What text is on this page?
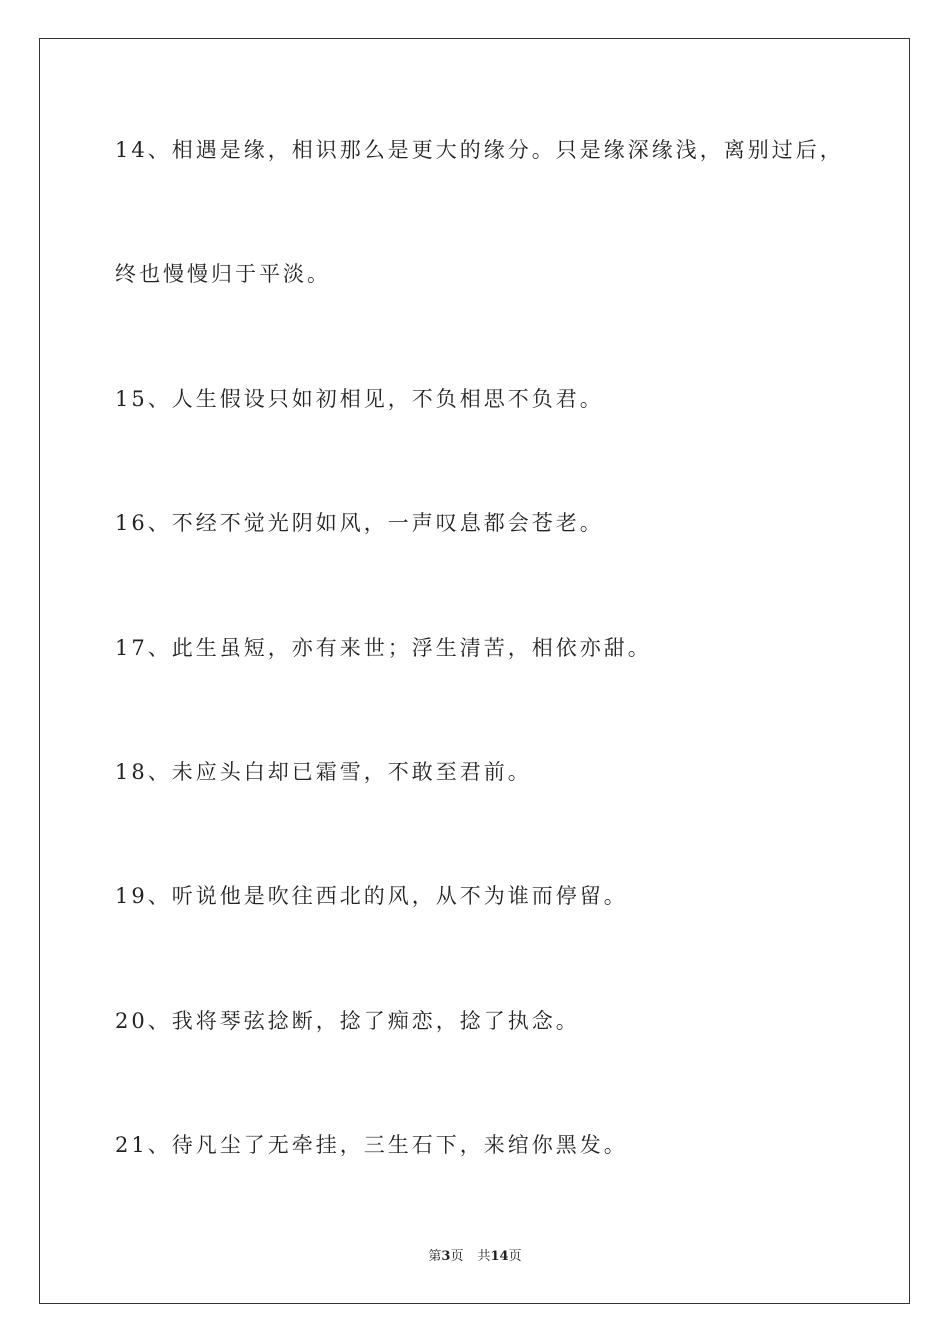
14、相遇是缘，相识那么是更大的缘分。只是缘深缘浅，离别过后，
终也慢慢归于平淡。
15、人生假设只如初相见，不负相思不负君。
16、不经不觉光阴如风，一声叹息都会苍老。
17、此生虽短，亦有来世；浮生清苦，相依亦甜。
18、未应头白却已霜雪，不敢至君前。
19、听说他是吹往西北的风，从不为谁而停留。
20、我将琴弦捻断，捻了痴恋，捻了执念。
21、待凡尘了无牵挂，三生石下，来绾你黑发。
第3页 共14页
